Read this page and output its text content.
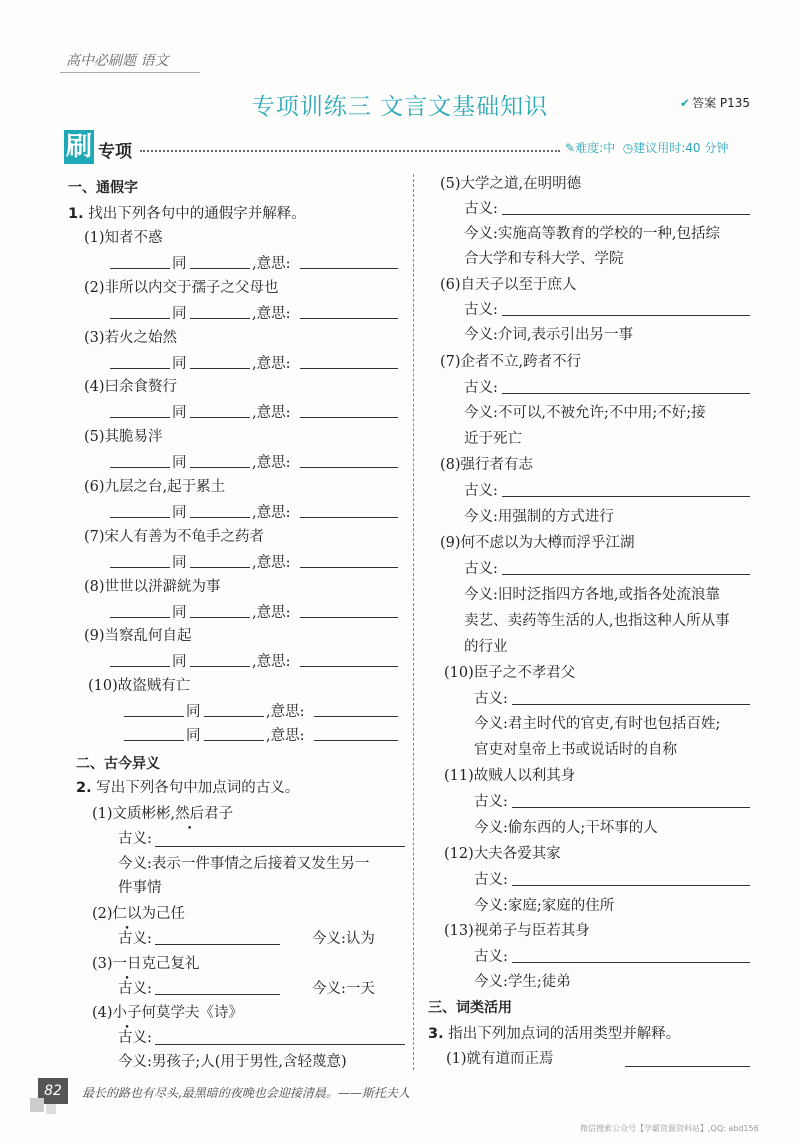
高中必刷题 语文
专项训练三 文言文基础知识	✔ 答案 P135
刷 专项	✎难度:中 ◷建议用时:40 分钟
一、通假字
1. 找出下列各句中的通假字并解释。
(1)知者不惑
同	,意思:
(2)非所以内交于孺子之父母也
同	,意思:
(3)若火之始然
同	,意思:
(4)曰余食赘行
同	,意思:
(5)其脆易泮
同	,意思:
(6)九层之台,起于累土
同	,意思:
(7)宋人有善为不龟手之药者
同	,意思:
(8)世世以洴澼絖为事
同	,意思:
(9)当察乱何自起
同	,意思:
(10)故盗贼有亡
同	,意思:
同	,意思:
二、古今异义
2. 写出下列各句中加点词的古义。
(1)文质彬彬,然后君子
古义:
今义:表示一件事情之后接着又发生另一
件事情
(2)仁以为己任
古义:	今义:认为
(3)一日克己复礼
古义:	今义:一天
(4)小子何莫学夫《诗》
古义:
今义:男孩子;人(用于男性,含轻蔑意)
(5)大学之道,在明明德
古义:
今义:实施高等教育的学校的一种,包括综
合大学和专科大学、学院
(6)自天子以至于庶人
古义:
今义:介词,表示引出另一事
(7)企者不立,跨者不行
古义:
今义:不可以,不被允许;不中用;不好;接
近于死亡
(8)强行者有志
古义:
今义:用强制的方式进行
(9)何不虑以为大樽而浮乎江湖
古义:
今义:旧时泛指四方各地,或指各处流浪靠
卖艺、卖药等生活的人,也指这种人所从事
的行业
(10)臣子之不孝君父
古义:
今义:君主时代的官吏,有时也包括百姓;
官吏对皇帝上书或说话时的自称
(11)故贼人以利其身
古义:
今义:偷东西的人;干坏事的人
(12)大夫各爱其家
古义:
今义:家庭;家庭的住所
(13)视弟子与臣若其身
古义:
今义:学生;徒弟
三、词类活用
3. 指出下列加点词的活用类型并解释。
(1)就有道而正焉
82	最长的路也有尽头,最黑暗的夜晚也会迎接清晨。——斯托夫人
微信搜索公众号【学霸资源资料站】,QQ: abd156
